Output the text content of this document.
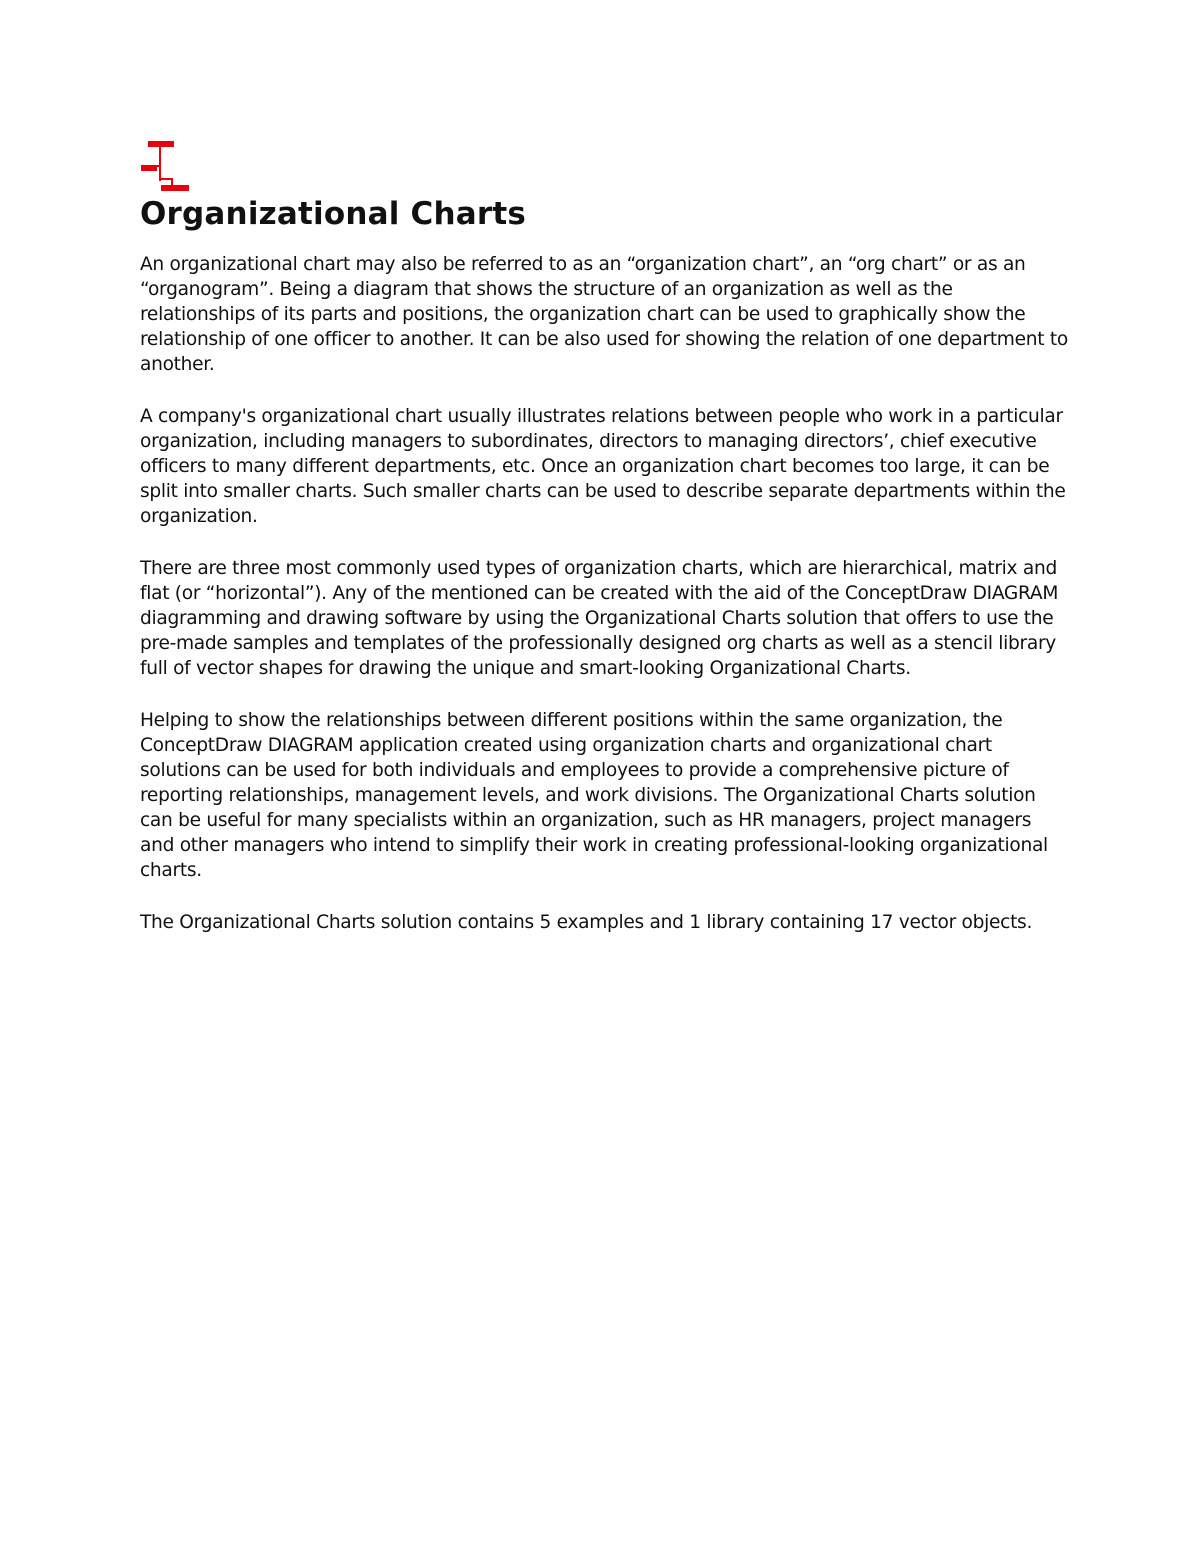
Organizational Charts

An organizational chart may also be referred to as an “organization chart”, an “org chart” or as an “organogram”. Being a diagram that shows the structure of an organization as well as the relationships of its parts and positions, the organization chart can be used to graphically show the relationship of one officer to another. It can be also used for showing the relation of one department to another.

A company's organizational chart usually illustrates relations between people who work in a particular organization, including managers to subordinates, directors to managing directors’, chief executive officers to many different departments, etc. Once an organization chart becomes too large, it can be split into smaller charts. Such smaller charts can be used to describe separate departments within the organization.

There are three most commonly used types of organization charts, which are hierarchical, matrix and flat (or “horizontal”). Any of the mentioned can be created with the aid of the ConceptDraw DIAGRAM diagramming and drawing software by using the Organizational Charts solution that offers to use the pre-made samples and templates of the professionally designed org charts as well as a stencil library full of vector shapes for drawing the unique and smart-looking Organizational Charts.

Helping to show the relationships between different positions within the same organization, the ConceptDraw DIAGRAM application created using organization charts and organizational chart solutions can be used for both individuals and employees to provide a comprehensive picture of reporting relationships, management levels, and work divisions. The Organizational Charts solution can be useful for many specialists within an organization, such as HR managers, project managers and other managers who intend to simplify their work in creating professional-looking organizational charts.

The Organizational Charts solution contains 5 examples and 1 library containing 17 vector objects.
